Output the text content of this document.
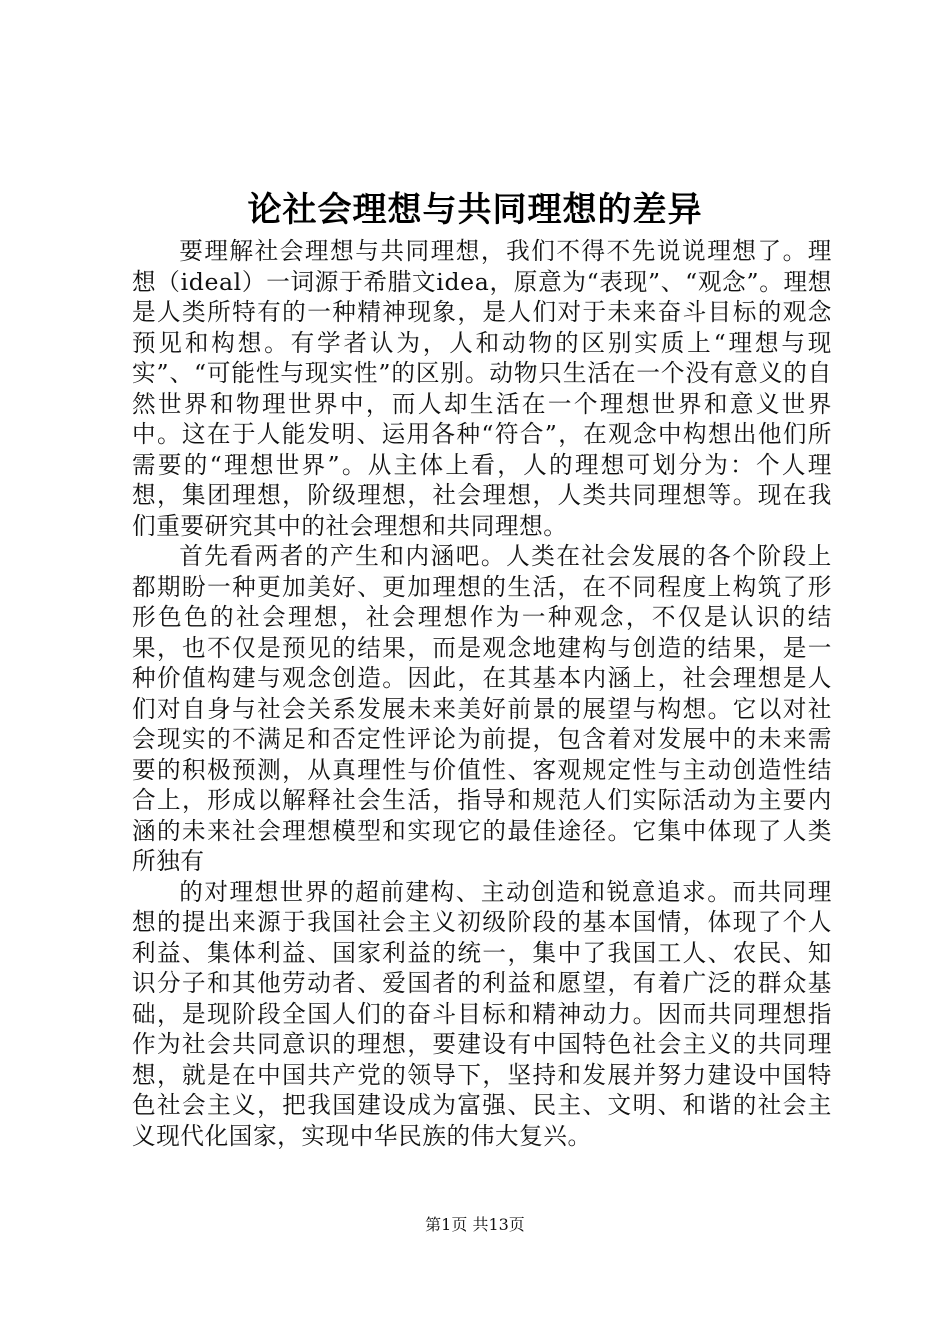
论社会理想与共同理想的差异

要理解社会理想与共同理想，我们不得不先说说理想了。理想（ideal）一词源于希腊文idea，原意为“表现”、“观念”。理想是人类所特有的一种精神现象，是人们对于未来奋斗目标的观念预见和构想。有学者认为，人和动物的区别实质上“理想与现实”、“可能性与现实性”的区别。动物只生活在一个没有意义的自然世界和物理世界中，而人却生活在一个理想世界和意义世界中。这在于人能发明、运用各种“符合”，在观念中构想出他们所需要的“理想世界”。从主体上看，人的理想可划分为：个人理想，集团理想，阶级理想，社会理想，人类共同理想等。现在我们重要研究其中的社会理想和共同理想。

首先看两者的产生和内涵吧。人类在社会发展的各个阶段上都期盼一种更加美好、更加理想的生活，在不同程度上构筑了形形色色的社会理想，社会理想作为一种观念，不仅是认识的结果，也不仅是预见的结果，而是观念地建构与创造的结果，是一种价值构建与观念创造。因此，在其基本内涵上，社会理想是人们对自身与社会关系发展未来美好前景的展望与构想。它以对社会现实的不满足和否定性评论为前提，包含着对发展中的未来需要的积极预测，从真理性与价值性、客观规定性与主动创造性结合上，形成以解释社会生活，指导和规范人们实际活动为主要内涵的未来社会理想模型和实现它的最佳途径。它集中体现了人类所独有

的对理想世界的超前建构、主动创造和锐意追求。而共同理想的提出来源于我国社会主义初级阶段的基本国情，体现了个人利益、集体利益、国家利益的统一，集中了我国工人、农民、知识分子和其他劳动者、爱国者的利益和愿望，有着广泛的群众基础，是现阶段全国人们的奋斗目标和精神动力。因而共同理想指作为社会共同意识的理想，要建设有中国特色社会主义的共同理想，就是在中国共产党的领导下，坚持和发展并努力建设中国特色社会主义，把我国建设成为富强、民主、文明、和谐的社会主义现代化国家，实现中华民族的伟大复兴。

第1页 共13页
